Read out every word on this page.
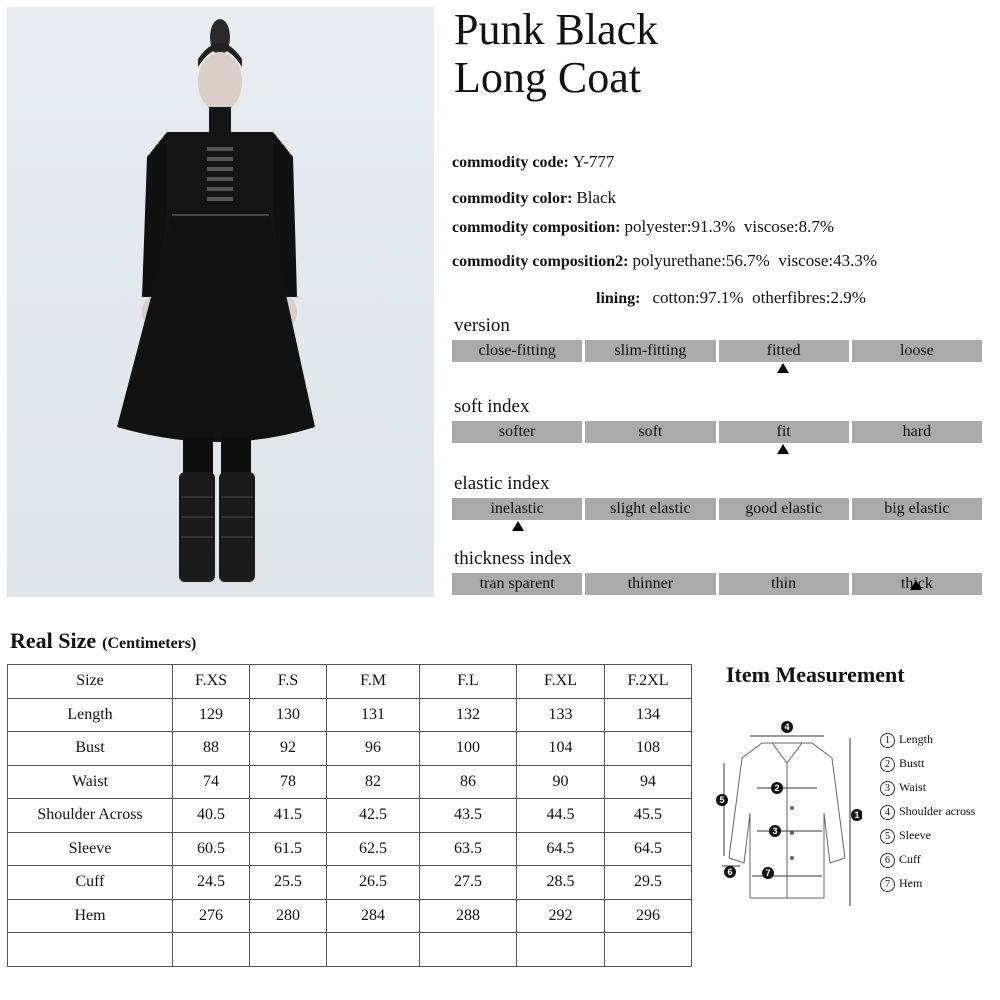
Punk Black
Long Coat
commodity code: Y-777
commodity color: Black
commodity composition: polyester:91.3%  viscose:8.7%
commodity composition2: polyurethane:56.7%  viscose:43.3%
lining: cotton:97.1%  otherfibres:2.9%
version
close-fitting	slim-fitting	fitted	loose
soft index
softer	soft	fit	hard
elastic index
inelastic	slight elastic	good elastic	big elastic
thickness index
tran sparent	thinner	thin	thick
Real Size (Centimeters)
Size	F.XS	F.S	F.M	F.L	F.XL	F.2XL
Length	129	130	131	132	133	134
Bust	88	92	96	100	104	108
Waist	74	78	82	86	90	94
Shoulder Across	40.5	41.5	42.5	43.5	44.5	45.5
Sleeve	60.5	61.5	62.5	63.5	64.5	64.5
Cuff	24.5	25.5	26.5	27.5	28.5	29.5
Hem	276	280	284	288	292	296

Item Measurement
4
5
2
1
3
6	7
1 Length
2 Bustt
3 Waist
4 Shoulder across
5 Sleeve
6 Cuff
7 Hem
